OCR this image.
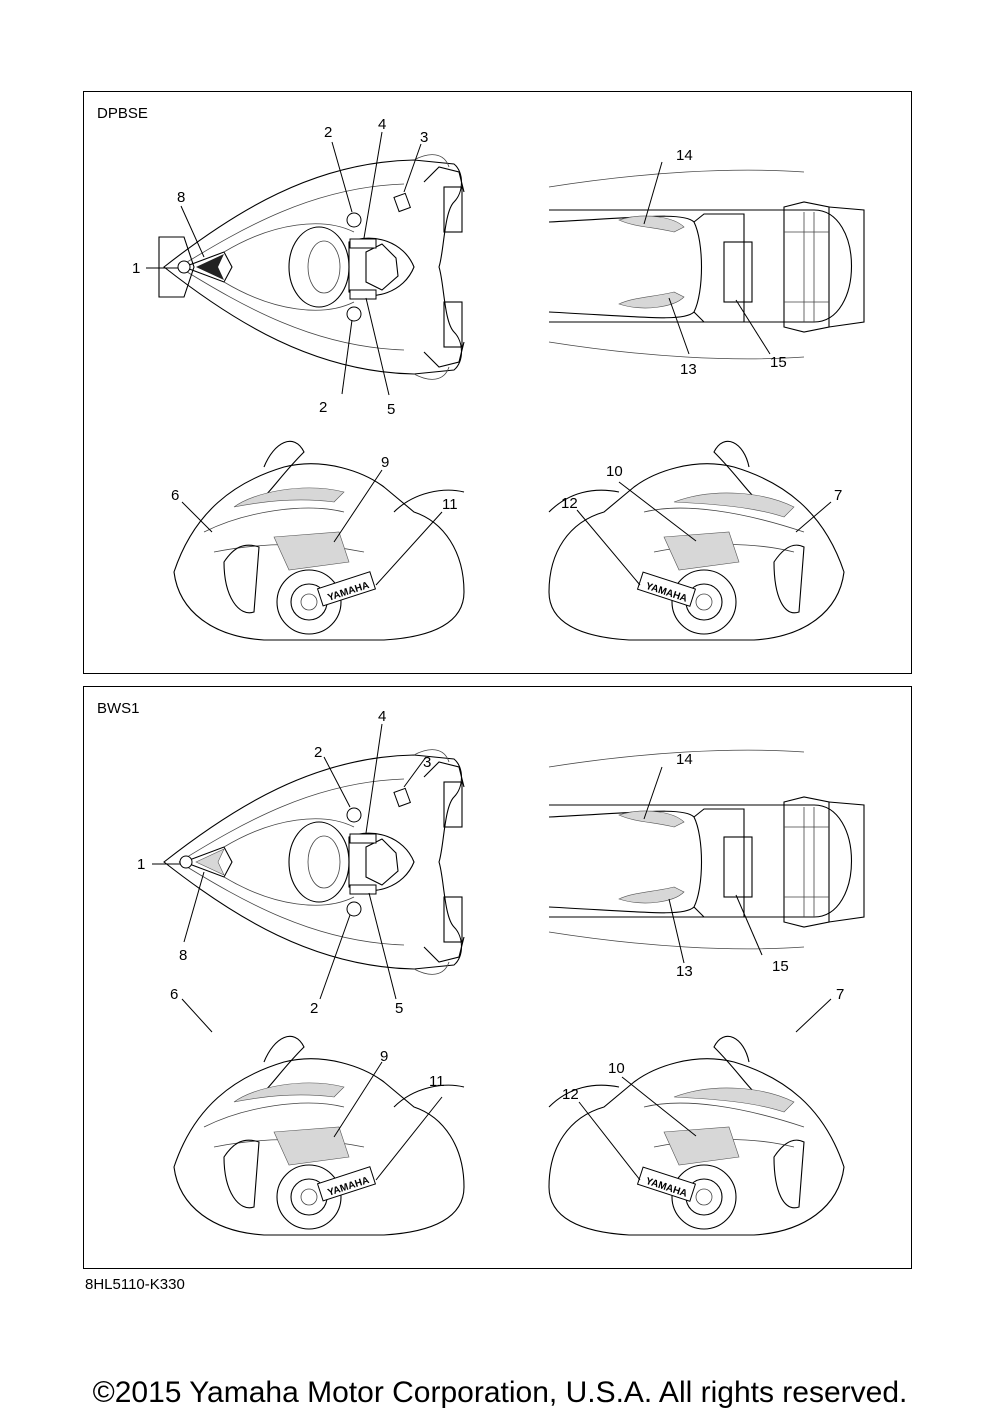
DPBSE
YAMAHA	YAMAHA
1
2
2
3
4
5
6	7
8
9
10
11	12
13
14
15
BWS1
YAMAHA	YAMAHA
1
2
2
3
4
5
6	7
8
9
10
11
12
13
14
15
8HL5110-K330
©2015 Yamaha Motor Corporation, U.S.A. All rights reserved.
